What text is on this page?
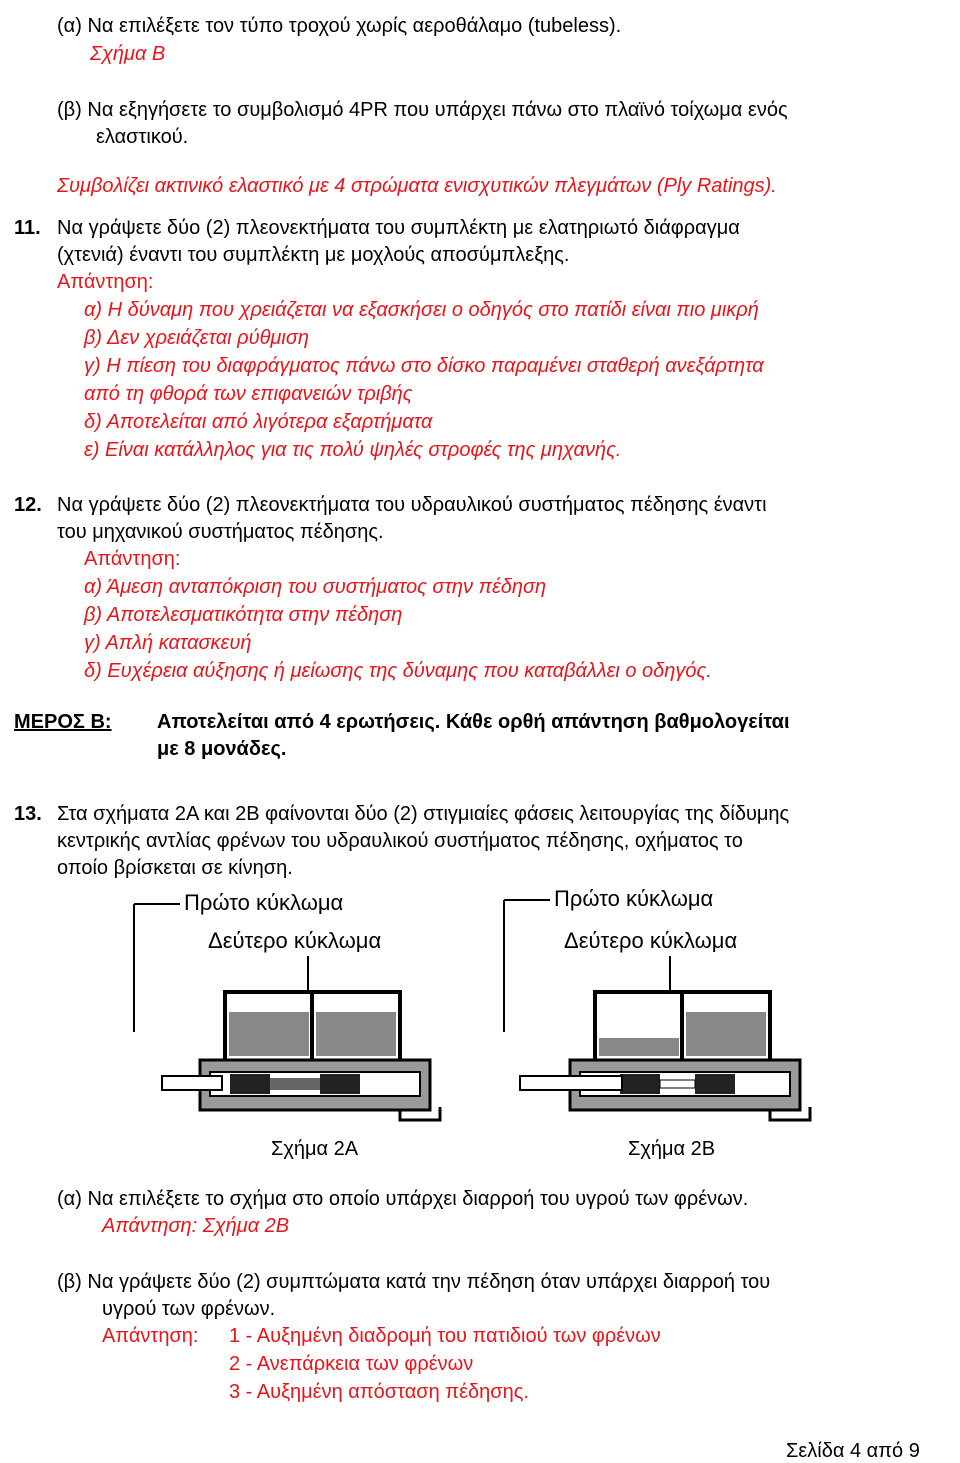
(α) Να επιλέξετε τον τύπο τροχού χωρίς αεροθάλαμο (tubeless).
Σχήμα Β
(β) Να εξηγήσετε το συμβολισμό 4PR που υπάρχει πάνω στο πλαϊνό τοίχωμα ενός
ελαστικού.
Συμβολίζει ακτινικό ελαστικό με 4 στρώματα ενισχυτικών πλεγμάτων (Ply Ratings).
11. Να γράψετε δύο (2) πλεονεκτήματα του συμπλέκτη με ελατηριωτό διάφραγμα
(χτενιά) έναντι του συμπλέκτη με μοχλούς αποσύμπλεξης.
Απάντηση:
α) Η δύναμη που χρειάζεται να εξασκήσει ο οδηγός στο πατίδι είναι πιο μικρή
β) Δεν χρειάζεται ρύθμιση
γ) Η πίεση του διαφράγματος πάνω στο δίσκο παραμένει σταθερή ανεξάρτητα
από τη φθορά των επιφανειών τριβής
δ) Αποτελείται από λιγότερα εξαρτήματα
ε) Είναι κατάλληλος για τις πολύ ψηλές στροφές της μηχανής.
12. Να γράψετε δύο (2) πλεονεκτήματα του υδραυλικού συστήματος πέδησης έναντι
του μηχανικού συστήματος πέδησης.
Απάντηση:
α) Άμεση ανταπόκριση του συστήματος στην πέδηση
β) Αποτελεσματικότητα στην πέδηση
γ) Απλή κατασκευή
δ) Ευχέρεια αύξησης ή μείωσης της δύναμης που καταβάλλει ο οδηγός.
ΜΕΡΟΣ Β: Αποτελείται από 4 ερωτήσεις. Κάθε ορθή απάντηση βαθμολογείται
με 8 μονάδες.
13. Στα σχήματα 2Α και 2Β φαίνονται δύο (2) στιγμιαίες φάσεις λειτουργίας της δίδυμης
κεντρικής αντλίας φρένων του υδραυλικού συστήματος πέδησης, οχήματος το
οποίο βρίσκεται σε κίνηση.
Πρώτο κύκλωμα
Δεύτερο κύκλωμα
Σχήμα 2Α
Πρώτο κύκλωμα
Δεύτερο κύκλωμα
Σχήμα 2Β
(α) Να επιλέξετε το σχήμα στο οποίο υπάρχει διαρροή του υγρού των φρένων.
Απάντηση: Σχήμα 2Β
(β) Να γράψετε δύο (2) συμπτώματα κατά την πέδηση όταν υπάρχει διαρροή του
υγρού των φρένων.
Απάντηση: 1 - Αυξημένη διαδρομή του πατιδιού των φρένων
2 - Ανεπάρκεια των φρένων
3 - Αυξημένη απόσταση πέδησης.
Σελίδα 4 από 9
